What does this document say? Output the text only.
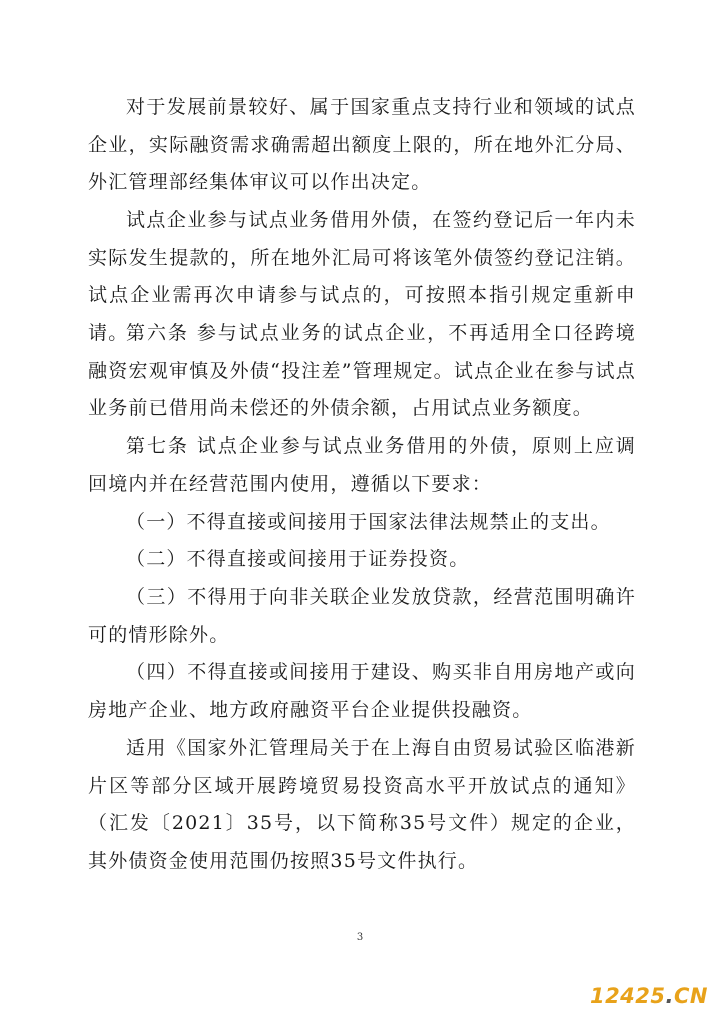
对于发展前景较好、属于国家重点支持行业和领域的试点企业，实际融资需求确需超出额度上限的，所在地外汇分局、外汇管理部经集体审议可以作出决定。

试点企业参与试点业务借用外债，在签约登记后一年内未实际发生提款的，所在地外汇局可将该笔外债签约登记注销。试点企业需再次申请参与试点的，可按照本指引规定重新申请。

第六条 参与试点业务的试点企业，不再适用全口径跨境融资宏观审慎及外债“投注差”管理规定。试点企业在参与试点业务前已借用尚未偿还的外债余额，占用试点业务额度。

第七条 试点企业参与试点业务借用的外债，原则上应调回境内并在经营范围内使用，遵循以下要求：

（一）不得直接或间接用于国家法律法规禁止的支出。

（二）不得直接或间接用于证券投资。

（三）不得用于向非关联企业发放贷款，经营范围明确许可的情形除外。

（四）不得直接或间接用于建设、购买非自用房地产或向房地产企业、地方政府融资平台企业提供投融资。

适用《国家外汇管理局关于在上海自由贸易试验区临港新片区等部分区域开展跨境贸易投资高水平开放试点的通知》（汇发〔2021〕35号，以下简称35号文件）规定的企业，其外债资金使用范围仍按照35号文件执行。

3
12425.CN
